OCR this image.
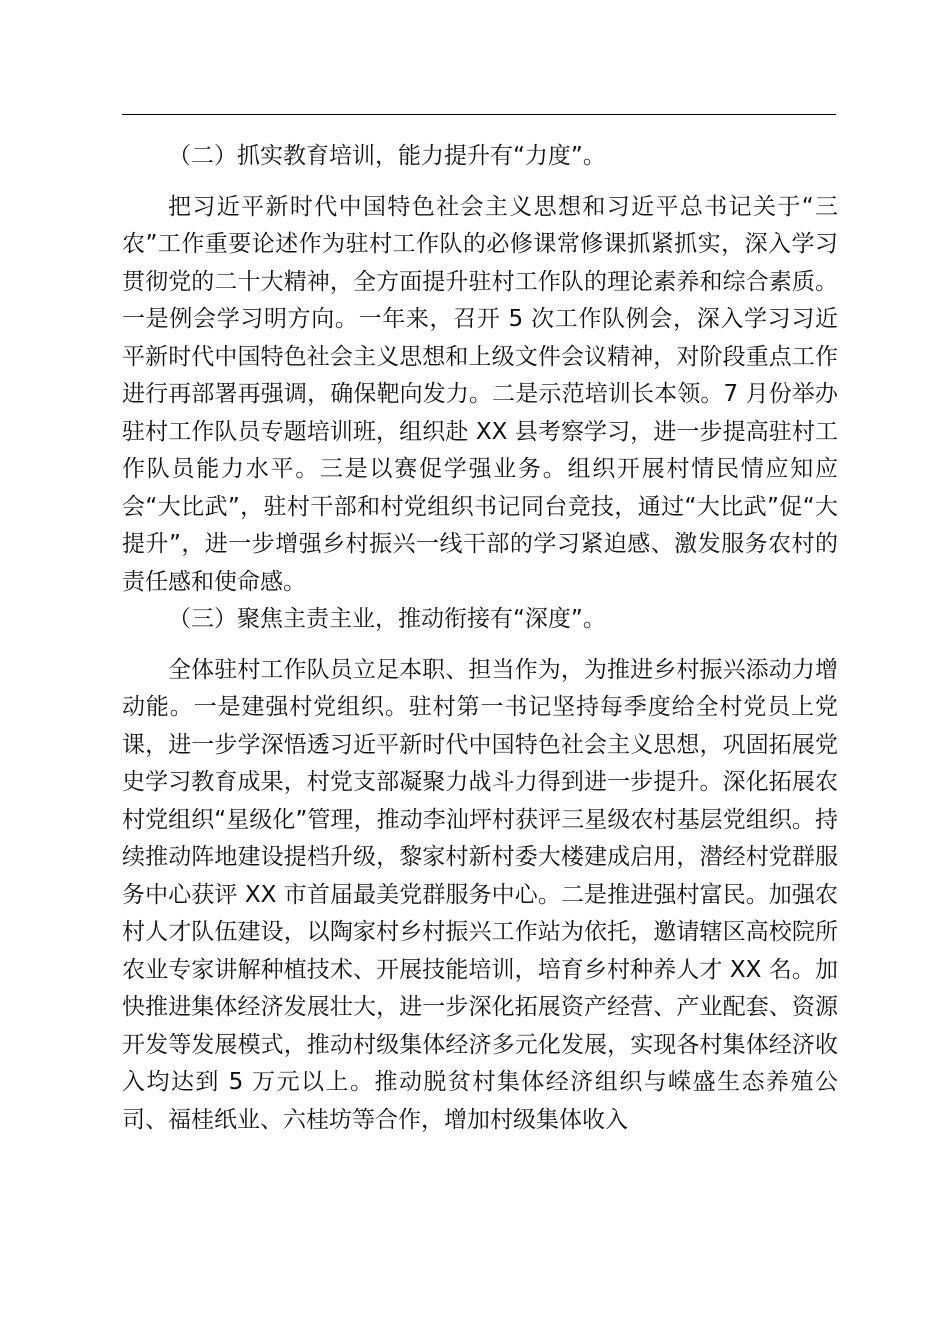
（二）抓实教育培训，能力提升有“力度”。

把习近平新时代中国特色社会主义思想和习近平总书记关于“三农”工作重要论述作为驻村工作队的必修课常修课抓紧抓实，深入学习贯彻党的二十大精神，全方面提升驻村工作队的理论素养和综合素质。一是例会学习明方向。一年来，召开 5 次工作队例会，深入学习习近平新时代中国特色社会主义思想和上级文件会议精神，对阶段重点工作进行再部署再强调，确保靶向发力。二是示范培训长本领。7 月份举办驻村工作队员专题培训班，组织赴 XX 县考察学习，进一步提高驻村工作队员能力水平。三是以赛促学强业务。组织开展村情民情应知应会“大比武”，驻村干部和村党组织书记同台竞技，通过“大比武”促“大提升”，进一步增强乡村振兴一线干部的学习紧迫感、激发服务农村的责任感和使命感。

（三）聚焦主责主业，推动衔接有“深度”。

全体驻村工作队员立足本职、担当作为，为推进乡村振兴添动力增动能。一是建强村党组织。驻村第一书记坚持每季度给全村党员上党课，进一步学深悟透习近平新时代中国特色社会主义思想，巩固拓展党史学习教育成果，村党支部凝聚力战斗力得到进一步提升。深化拓展农村党组织“星级化”管理，推动李汕坪村获评三星级农村基层党组织。持续推动阵地建设提档升级，黎家村新村委大楼建成启用，潜经村党群服务中心获评 XX 市首届最美党群服务中心。二是推进强村富民。加强农村人才队伍建设，以陶家村乡村振兴工作站为依托，邀请辖区高校院所农业专家讲解种植技术、开展技能培训，培育乡村种养人才 XX 名。加快推进集体经济发展壮大，进一步深化拓展资产经营、产业配套、资源开发等发展模式，推动村级集体经济多元化发展，实现各村集体经济收入均达到 5 万元以上。推动脱贫村集体经济组织与嵘盛生态养殖公司、福桂纸业、六桂坊等合作，增加村级集体收入
